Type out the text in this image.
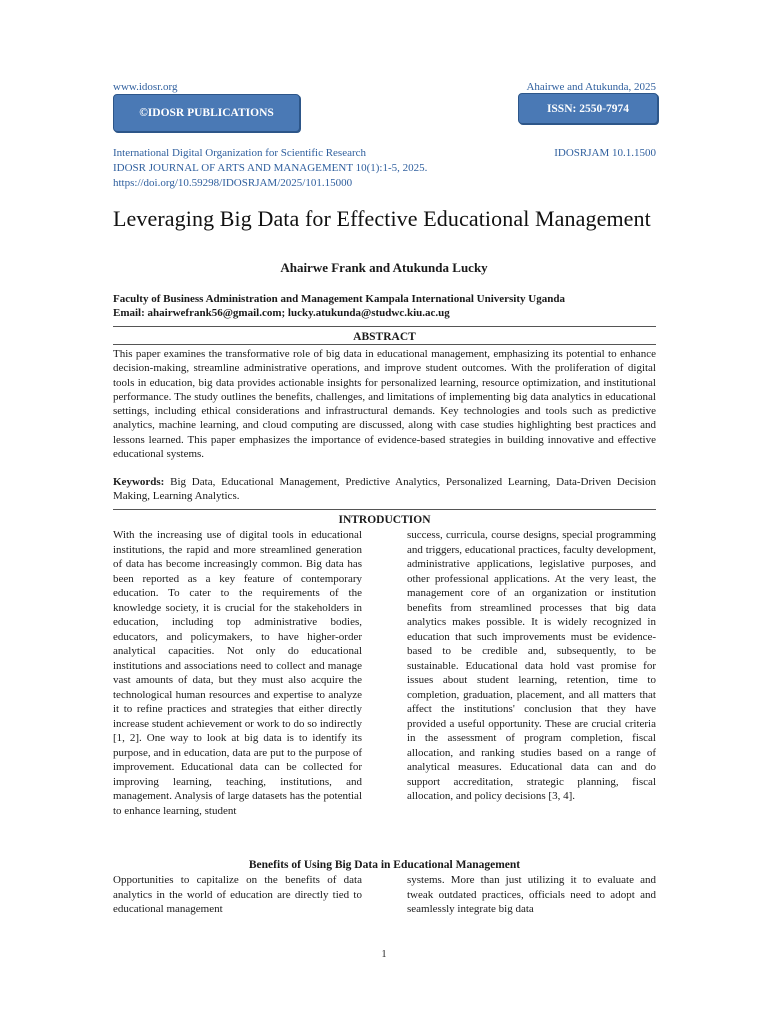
www.idosr.org	Ahairwe and Atukunda, 2025
©IDOSR PUBLICATIONS	ISSN: 2550-7974
International Digital Organization for Scientific Research	IDOSRJAM 10.1.1500
IDOSR JOURNAL OF ARTS AND MANAGEMENT 10(1):1-5, 2025.
https://doi.org/10.59298/IDOSRJAM/2025/101.15000
Leveraging Big Data for Effective Educational Management
Ahairwe Frank and Atukunda Lucky
Faculty of Business Administration and Management Kampala International University Uganda
Email: ahairwefrank56@gmail.com; lucky.atukunda@studwc.kiu.ac.ug
ABSTRACT

This paper examines the transformative role of big data in educational management, emphasizing its potential to enhance decision-making, streamline administrative operations, and improve student outcomes. With the proliferation of digital tools in education, big data provides actionable insights for personalized learning, resource optimization, and institutional performance. The study outlines the benefits, challenges, and limitations of implementing big data analytics in educational settings, including ethical considerations and infrastructural demands. Key technologies and tools such as predictive analytics, machine learning, and cloud computing are discussed, along with case studies highlighting best practices and lessons learned. This paper emphasizes the importance of evidence-based strategies in building innovative and effective educational systems.

Keywords: Big Data, Educational Management, Predictive Analytics, Personalized Learning, Data-Driven Decision Making, Learning Analytics.

INTRODUCTION

With the increasing use of digital tools in educational institutions, the rapid and more streamlined generation of data has become increasingly common. Big data has been reported as a key feature of contemporary education. To cater to the requirements of the knowledge society, it is crucial for the stakeholders in education, including top administrative bodies, educators, and policymakers, to have higher-order analytical capacities. Not only do educational institutions and associations need to collect and manage vast amounts of data, but they must also acquire the technological human resources and expertise to analyze it to refine practices and strategies that either directly increase student achievement or work to do so indirectly [1, 2]. One way to look at big data is to identify its purpose, and in education, data are put to the purpose of improvement. Educational data can be collected for improving learning, teaching, institutions, and management. Analysis of large datasets has the potential to enhance learning, student

success, curricula, course designs, special programming and triggers, educational practices, faculty development, administrative applications, legislative purposes, and other professional applications. At the very least, the management core of an organization or institution benefits from streamlined processes that big data analytics makes possible. It is widely recognized in education that such improvements must be evidence-based to be credible and, subsequently, to be sustainable. Educational data hold vast promise for issues about student learning, retention, time to completion, graduation, placement, and all matters that affect the institutions' conclusion that they have provided a useful opportunity. These are crucial criteria in the assessment of program completion, fiscal allocation, and ranking studies based on a range of analytical measures. Educational data can and do support accreditation, strategic planning, fiscal allocation, and policy decisions [3, 4].

Benefits of Using Big Data in Educational Management

Opportunities to capitalize on the benefits of data analytics in the world of education are directly tied to educational management

systems. More than just utilizing it to evaluate and tweak outdated practices, officials need to adopt and seamlessly integrate big data

1
